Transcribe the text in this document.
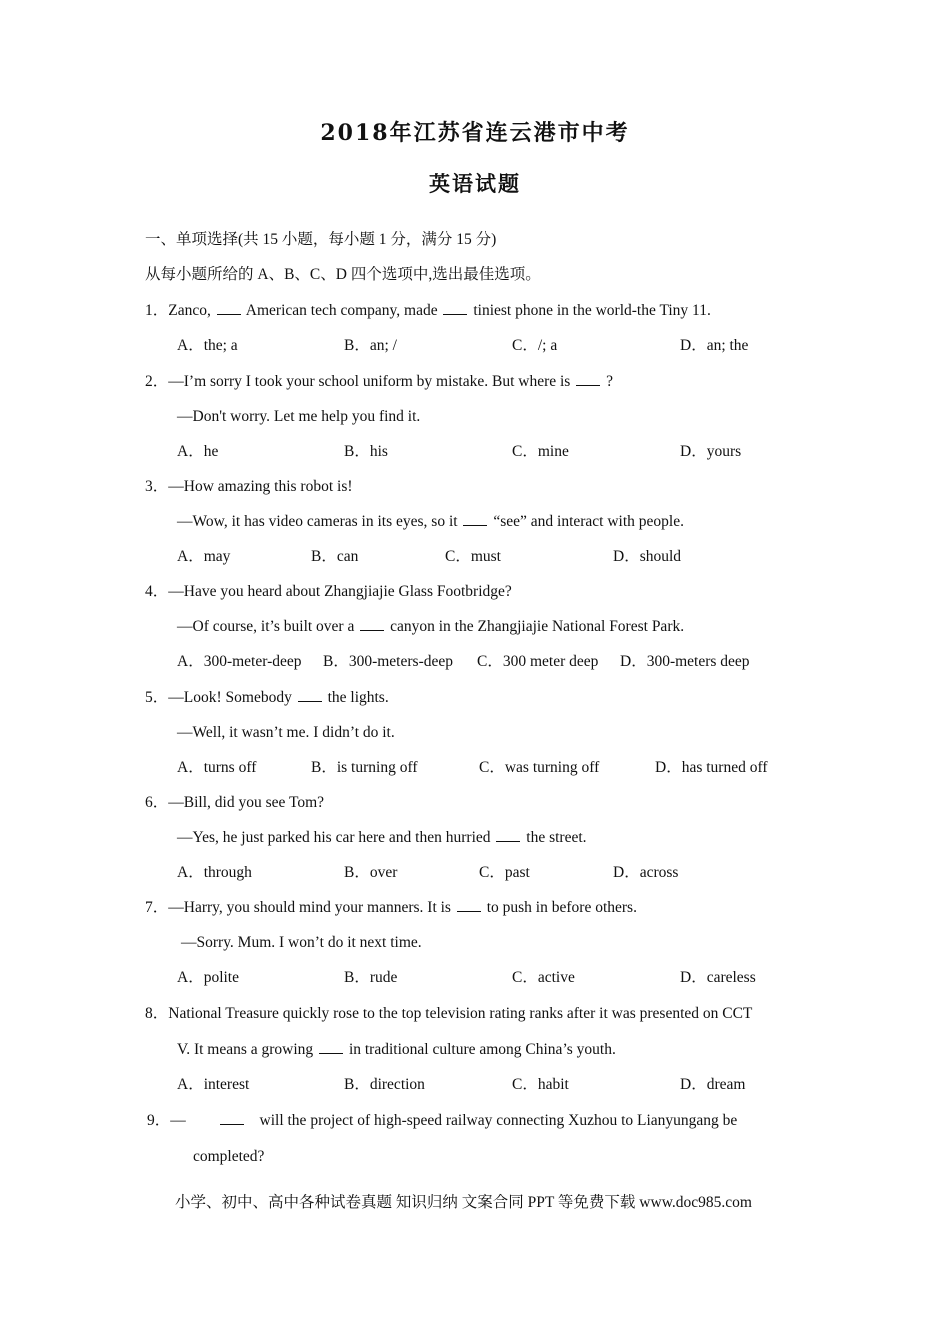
2018年江苏省连云港市中考
英语试题
一、单项选择(共 15 小题，每小题 1 分，满分 15 分)
从每小题所给的 A、B、C、D 四个选项中,选出最佳选项。
1．Zanco, American tech company, made tiniest phone in the world-the Tiny 11.
A．the; a	B．an; /	C．/; a	D．an; the
2．—I’m sorry I took your school uniform by mistake. But where is ?
—Don't worry. Let me help you find it.
A．he	B．his	C．mine	D．yours
3．—How amazing this robot is!
—Wow, it has video cameras in its eyes, so it “see” and interact with people.
A．may	B．can	C．must	D．should
4．—Have you heard about Zhangjiajie Glass Footbridge?
—Of course, it’s built over a canyon in the Zhangjiajie National Forest Park.
A．300-meter-deep B．300-meters-deep C．300 meter deep D．300-meters deep
5．—Look! Somebody the lights.
—Well, it wasn’t me. I didn’t do it.
A．turns off	B．is turning off	C．was turning off	D．has turned off
6．—Bill, did you see Tom?
—Yes, he just parked his car here and then hurried the street.
A．through	B．over	C．past	D．across
7．—Harry, you should mind your manners. It is to push in before others.
—Sorry. Mum. I won’t do it next time.
A．polite	B．rude	C．active	D．careless
8．National Treasure quickly rose to the top television rating ranks after it was presented on CCT
V. It means a growing in traditional culture among China’s youth.
A．interest	B．direction	C．habit	D．dream
9．—	will the project of high-speed railway connecting Xuzhou to Lianyungang be
completed?
小学、初中、高中各种试卷真题 知识归纳 文案合同 PPT 等免费下载 www.doc985.com
